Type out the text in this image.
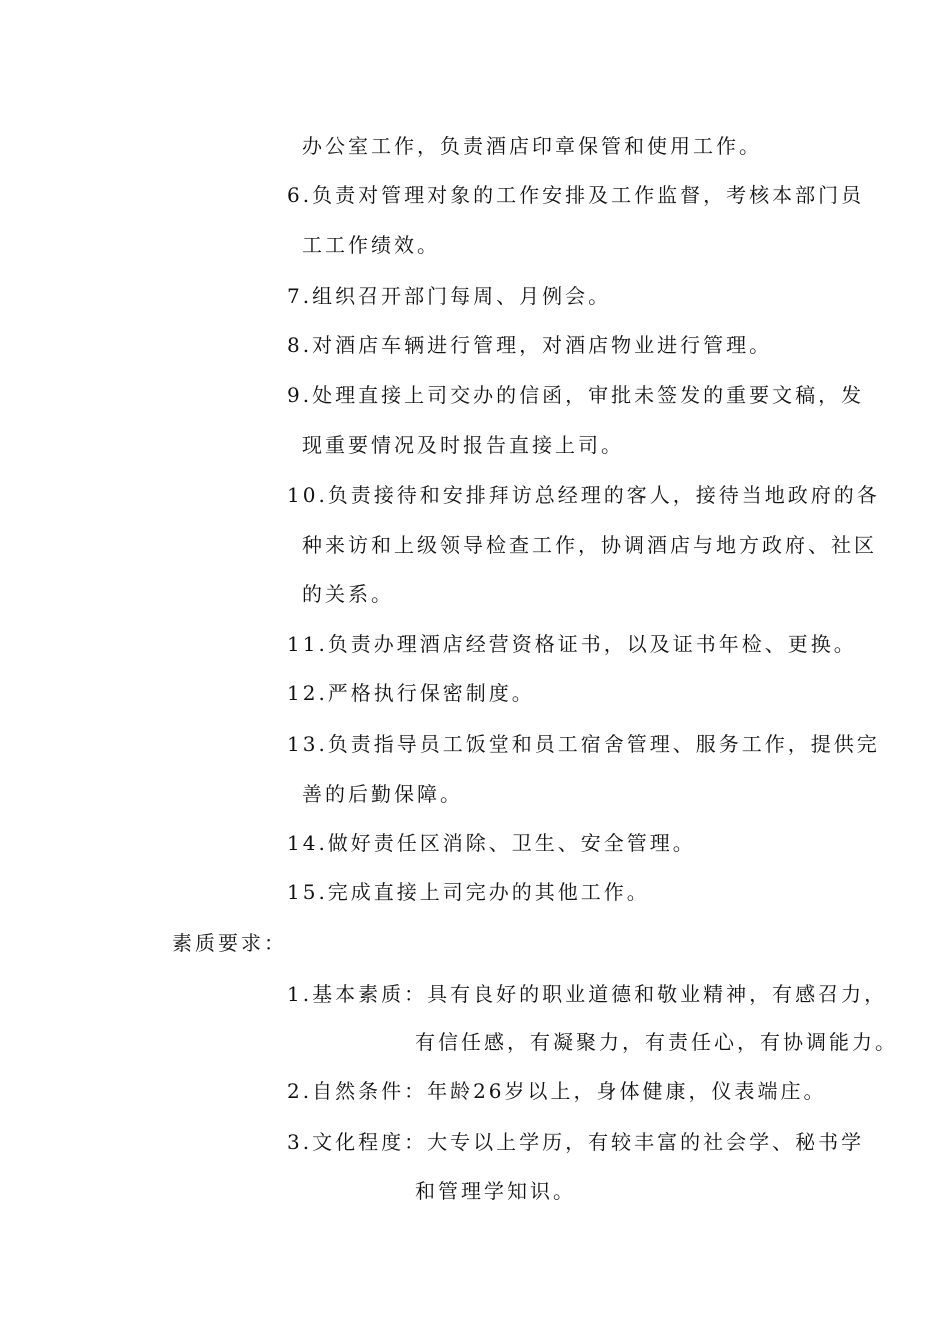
办公室工作，负责酒店印章保管和使用工作。
6.负责对管理对象的工作安排及工作监督，考核本部门员
工工作绩效。
7.组织召开部门每周、月例会。
8.对酒店车辆进行管理，对酒店物业进行管理。
9.处理直接上司交办的信函，审批未签发的重要文稿，发
现重要情况及时报告直接上司。
10.负责接待和安排拜访总经理的客人，接待当地政府的各
种来访和上级领导检查工作，协调酒店与地方政府、社区
的关系。
11.负责办理酒店经营资格证书，以及证书年检、更换。
12.严格执行保密制度。
13.负责指导员工饭堂和员工宿舍管理、服务工作，提供完
善的后勤保障。
14.做好责任区消除、卫生、安全管理。
15.完成直接上司完办的其他工作。
素质要求：
1.基本素质：具有良好的职业道德和敬业精神，有感召力，
有信任感，有凝聚力，有责任心，有协调能力。
2.自然条件：年龄26岁以上，身体健康，仪表端庄。
3.文化程度：大专以上学历，有较丰富的社会学、秘书学
和管理学知识。
